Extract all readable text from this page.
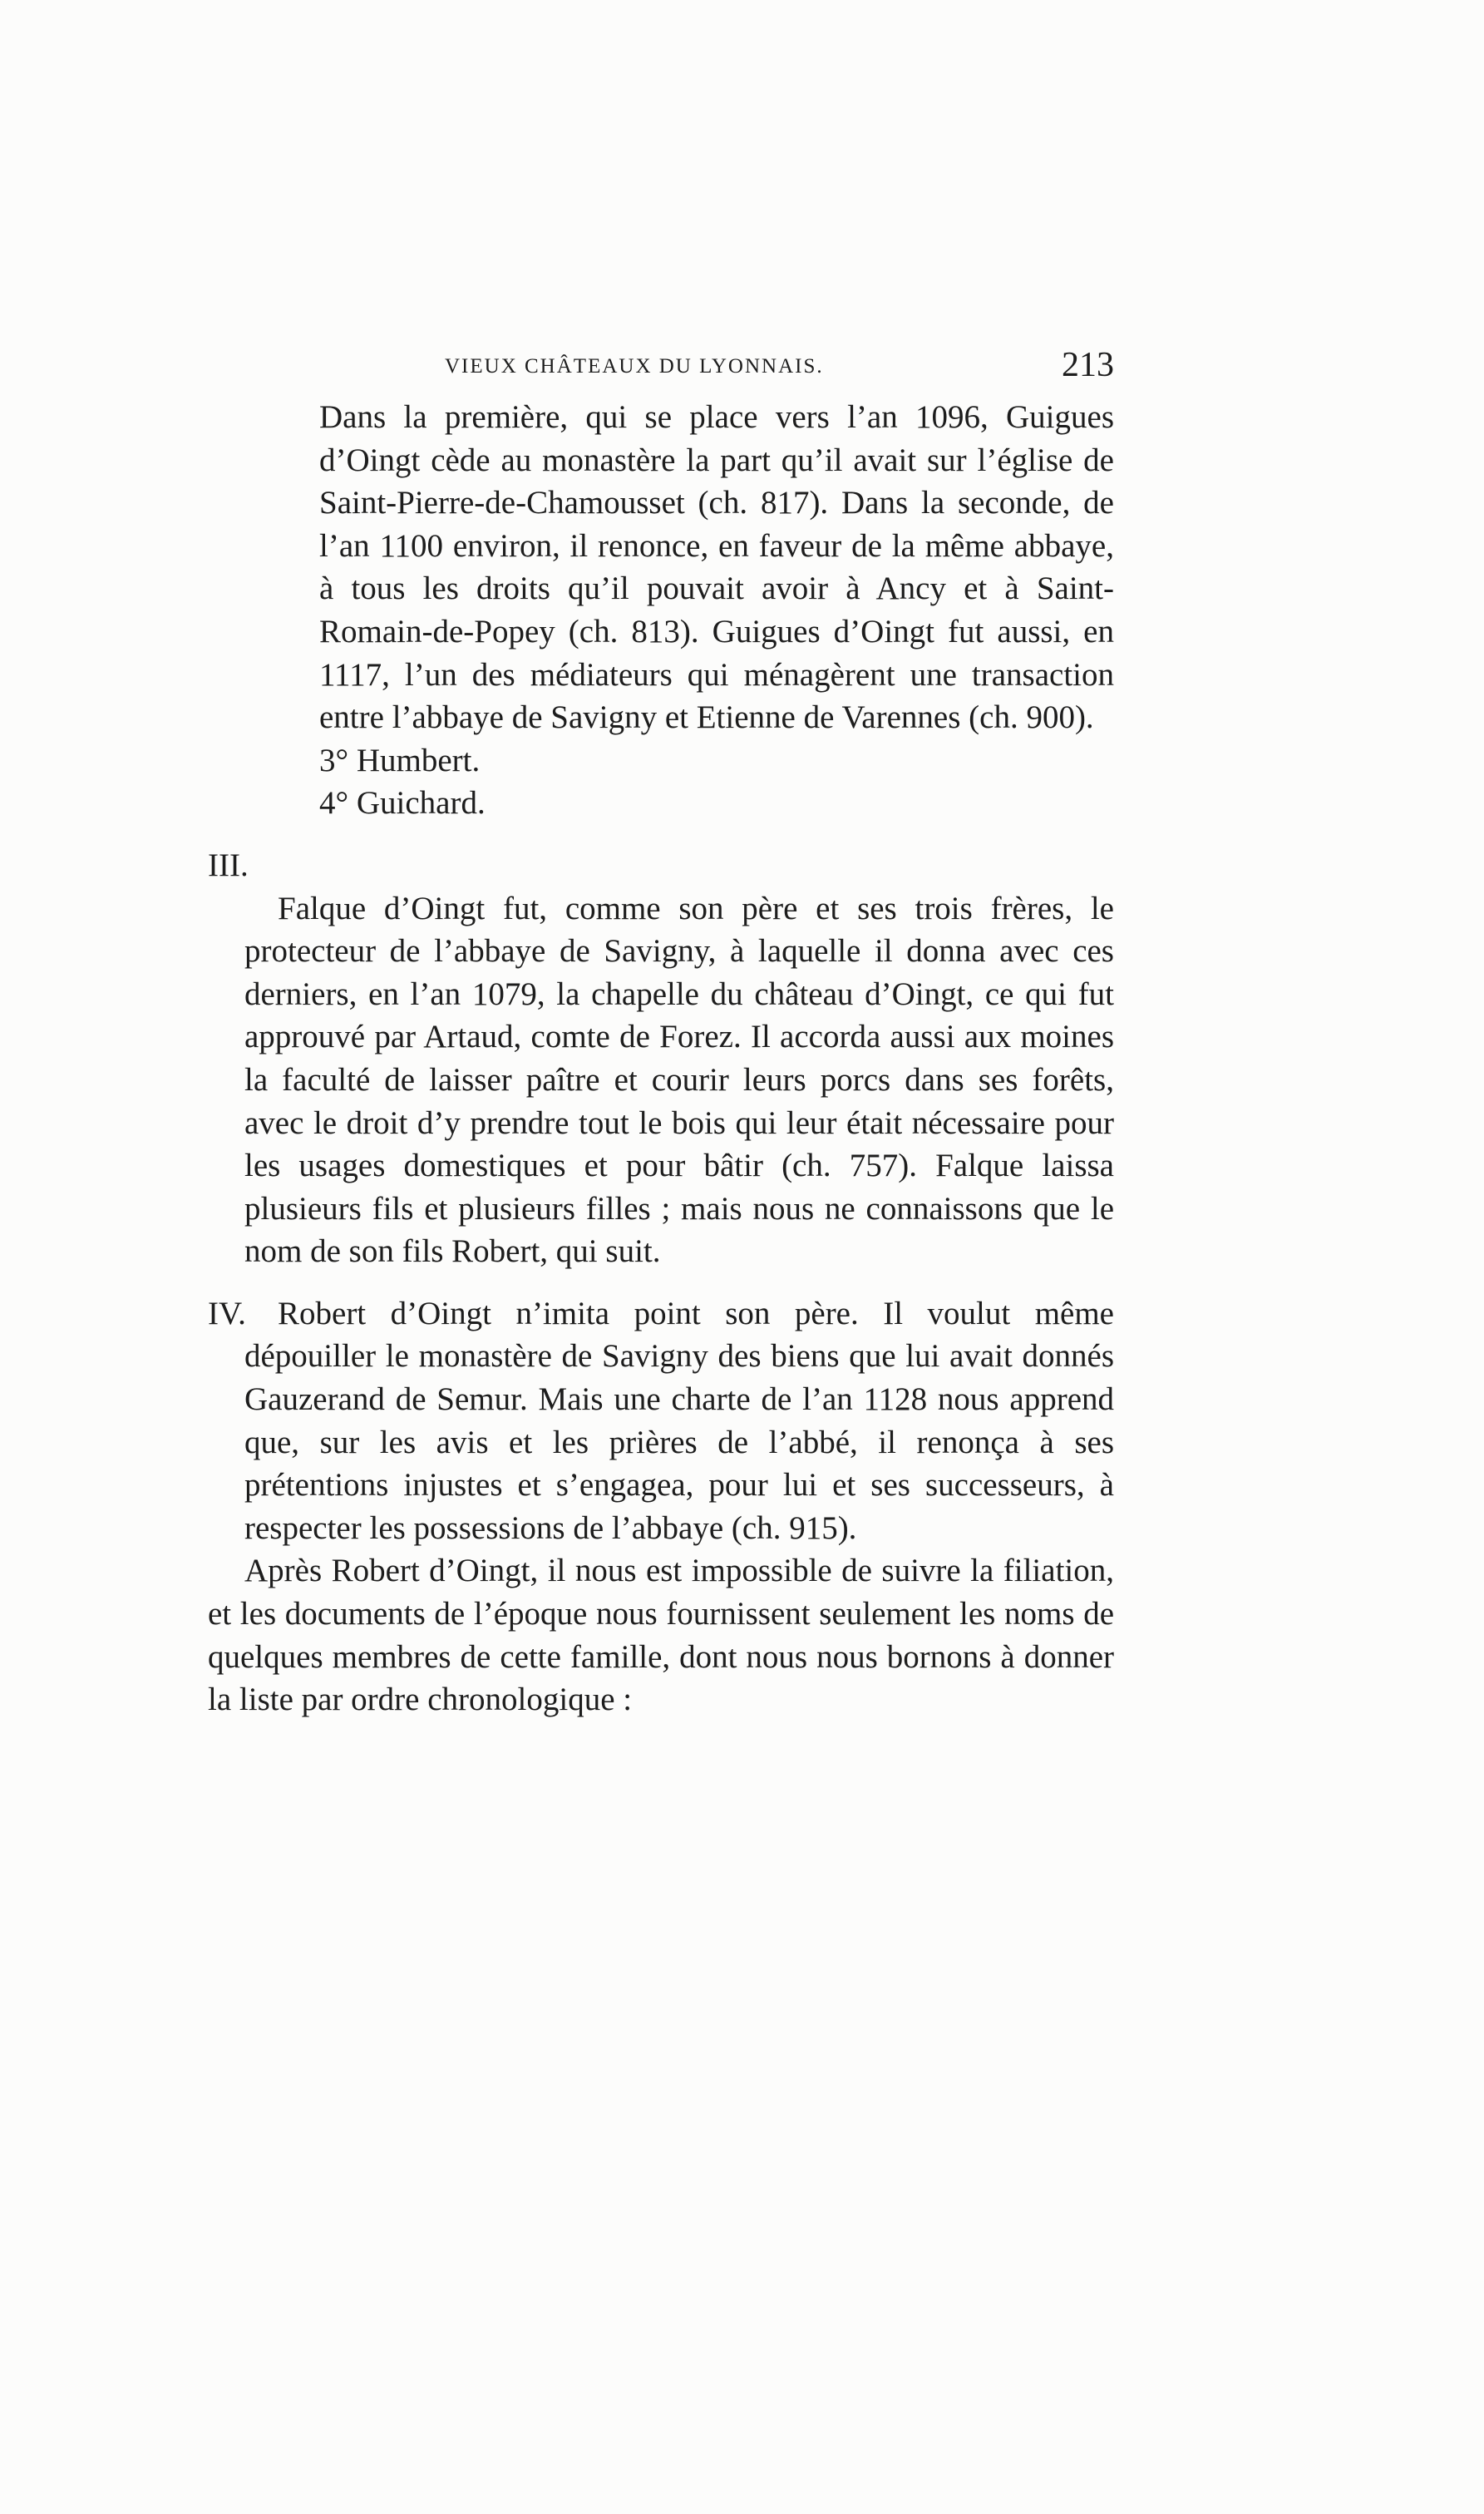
VIEUX CHÂTEAUX DU LYONNAIS.	213

Dans la première, qui se place vers l’an 1096, Guigues d’Oingt cède au monastère la part qu’il avait sur l’église de Saint-Pierre-de-Chamousset (ch. 817). Dans la seconde, de l’an 1100 environ, il renonce, en faveur de la même abbaye, à tous les droits qu’il pouvait avoir à Ancy et à Saint-Romain-de-Popey (ch. 813). Guigues d’Oingt fut aussi, en 1117, l’un des médiateurs qui ménagèrent une transaction entre l’abbaye de Savigny et Etienne de Varennes (ch. 900).

3° Humbert.

4° Guichard.

III.

Falque d’Oingt fut, comme son père et ses trois frères, le protecteur de l’abbaye de Savigny, à laquelle il donna avec ces derniers, en l’an 1079, la chapelle du château d’Oingt, ce qui fut approuvé par Artaud, comte de Forez. Il accorda aussi aux moines la faculté de laisser paître et courir leurs porcs dans ses forêts, avec le droit d’y prendre tout le bois qui leur était nécessaire pour les usages domestiques et pour bâtir (ch. 757). Falque laissa plusieurs fils et plusieurs filles ; mais nous ne connaissons que le nom de son fils Robert, qui suit.

IV. Robert d’Oingt n’imita point son père. Il voulut même dépouiller le monastère de Savigny des biens que lui avait donnés Gauzerand de Semur. Mais une charte de l’an 1128 nous apprend que, sur les avis et les prières de l’abbé, il renonça à ses prétentions injustes et s’engagea, pour lui et ses successeurs, à respecter les possessions de l’abbaye (ch. 915).

Après Robert d’Oingt, il nous est impossible de suivre la filiation, et les documents de l’époque nous fournissent seulement les noms de quelques membres de cette famille, dont nous nous bornons à donner la liste par ordre chronologique :
